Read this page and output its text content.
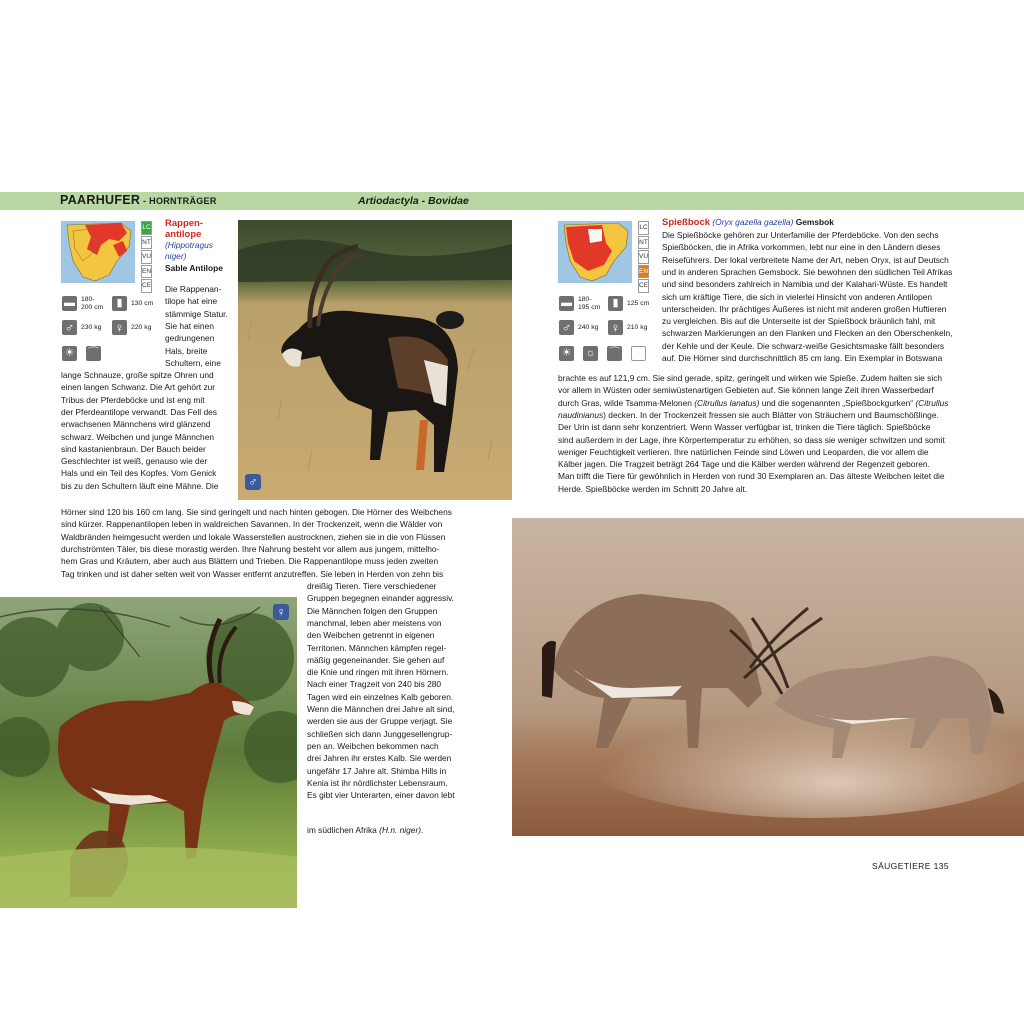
PAARHUFER - HORNTRÄGER	Artiodactyla - Bovidae
LC
NT
VU
EN
CE
▬ 180-
200 cm	▮	130 cm
♂ 230 kg ♀ 220 kg
☀ ⌒
Rappen-
antilope
(Hippotragus
niger)
Sable Antilope
Die Rappenan-
tilope hat eine
stämmige Statur.
Sie hat einen
gedrungenen
Hals, breite
Schultern, eine
lange Schnauze, große spitze Ohren und
einen langen Schwanz. Die Art gehört zur
Tribus der Pferdeböcke und ist eng mit
der Pferdeantilope verwandt. Das Fell des
erwachsenen Männchens wird glänzend
schwarz. Weibchen und junge Männchen
sind kastanienbraun. Der Bauch beider
Geschlechter ist weiß, genauso wie der
Hals und ein Teil des Kopfes. Vom Genick
bis zu den Schultern läuft eine Mähne. Die
Hörner sind 120 bis 160 cm lang. Sie sind geringelt und nach hinten gebogen. Die Hörner des Weibchens
sind kürzer. Rappenantilopen leben in waldreichen Savannen. In der Trockenzeit, wenn die Wälder von
Waldbränden heimgesucht werden und lokale Wasserstellen austrocknen, ziehen sie in die von Flüssen
durchströmten Täler, bis diese morastig werden. Ihre Nahrung besteht vor allem aus jungem, mittelho-
hem Gras und Kräutern, aber auch aus Blättern und Trieben. Die Rappenantilope muss jeden zweiten
Tag trinken und ist daher selten weit von Wasser entfernt anzutreffen. Sie leben in Herden von zehn bis
dreißig Tieren. Tiere verschiedener
Gruppen begegnen einander aggressiv.
Die Männchen folgen den Gruppen
manchmal, leben aber meistens von
den Weibchen getrennt in eigenen
Territorien. Männchen kämpfen regel-
mäßig gegeneinander. Sie gehen auf
die Knie und ringen mit ihren Hörnern.
Nach einer Tragzeit von 240 bis 280
Tagen wird ein einzelnes Kalb geboren.
Wenn die Männchen drei Jahre alt sind,
werden sie aus der Gruppe verjagt. Sie
schließen sich dann Junggesellengrup-
pen an. Weibchen bekommen nach
drei Jahren ihr erstes Kalb. Sie werden
ungefähr 17 Jahre alt. Shimba Hills in
Kenia ist ihr nördlichster Lebensraum.
Es gibt vier Unterarten, einer davon lebt
im südlichen Afrika (H.n. niger).
♂
♀
LC
NT
VU
EN
CE
▬ 180-
195 cm	▮	125 cm
♂ 240 kg ♀ 210 kg
☀ ☼ ⌒
Spießbock (Oryx gazella gazella) Gemsbok
Die Spießböcke gehören zur Unterfamilie der Pferdeböcke. Von den sechs
Spießböcken, die in Afrika vorkommen, lebt nur eine in den Ländern dieses
Reiseführers. Der lokal verbreitete Name der Art, neben Oryx, ist auf Deutsch
und in anderen Sprachen Gemsbock. Sie bewohnen den südlichen Teil Afrikas
und sind besonders zahlreich in Namibia und der Kalahari-Wüste. Es handelt
sich um kräftige Tiere, die sich in vielerlei Hinsicht von anderen Antilopen
unterscheiden. Ihr prächtiges Äußeres ist nicht mit anderen großen Huftieren
zu vergleichen. Bis auf die Unterseite ist der Spießbock bräunlich fahl, mit
schwarzen Markierungen an den Flanken und Flecken an den Oberschenkeln,
der Kehle und der Keule. Die schwarz-weiße Gesichtsmaske fällt besonders
auf. Die Hörner sind durchschnittlich 85 cm lang. Ein Exemplar in Botswana
brachte es auf 121,9 cm. Sie sind gerade, spitz, geringelt und wirken wie Spieße. Zudem halten sie sich
vor allem in Wüsten oder semiwüstenartigen Gebieten auf. Sie können lange Zeit ihren Wasserbedarf
durch Gras, wilde Tsamma-Melonen (Citrullus lanatus) und die sogenannten „Spießbockgurken“ (Citrullus
naudinianus) decken. In der Trockenzeit fressen sie auch Blätter von Sträuchern und Baumschößlinge.
Der Urin ist dann sehr konzentriert. Wenn Wasser verfügbar ist, trinken die Tiere täglich. Spießböcke
sind außerdem in der Lage, ihre Körpertemperatur zu erhöhen, so dass sie weniger schwitzen und somit
weniger Feuchtigkeit verlieren. Ihre natürlichen Feinde sind Löwen und Leoparden, die vor allem die
Kälber jagen. Die Tragzeit beträgt 264 Tage und die Kälber werden während der Regenzeit geboren.
Man trifft die Tiere für gewöhnlich in Herden von rund 30 Exemplaren an. Das älteste Weibchen leitet die
Herde. Spießböcke werden im Schnitt 20 Jahre alt.
SÄUGETIERE 135
